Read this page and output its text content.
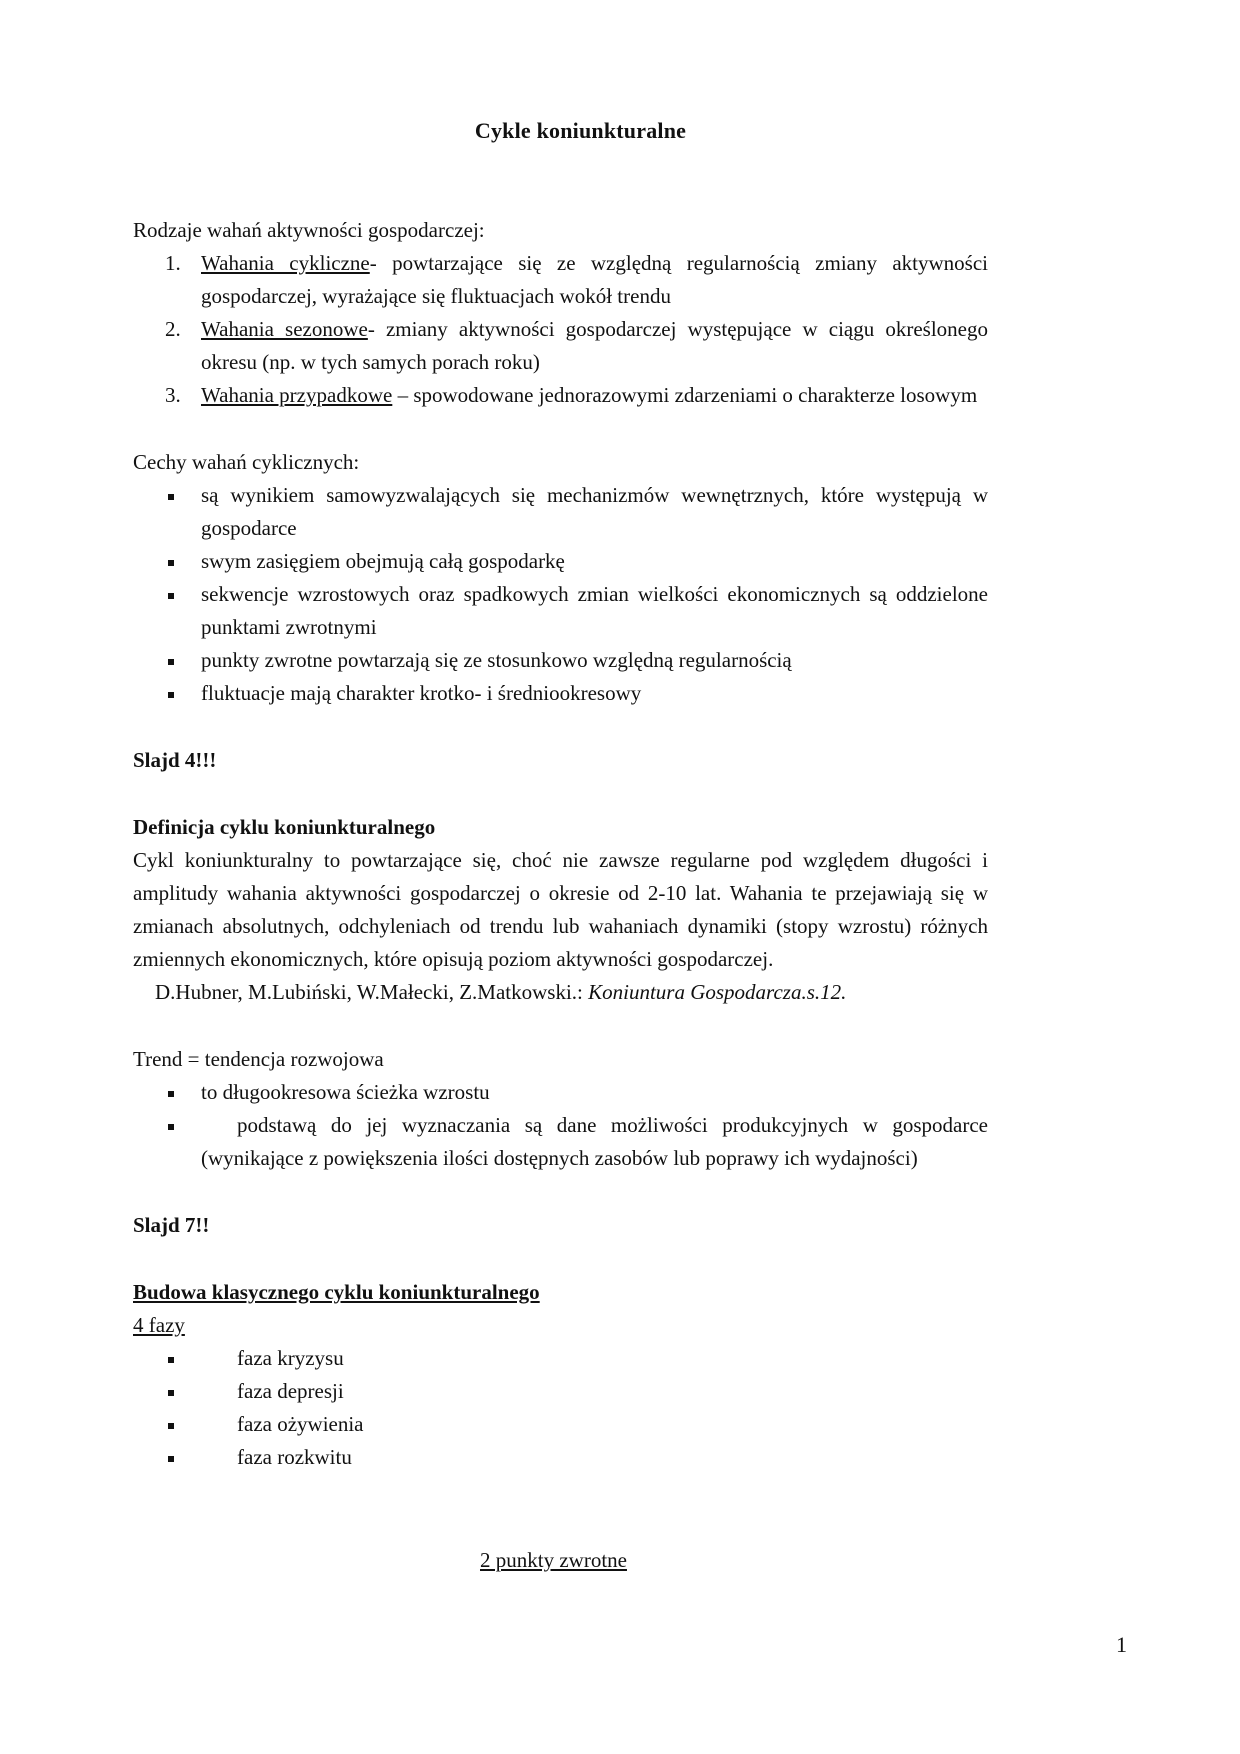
Cykle koniunkturalne

Rodzaje wahań aktywności gospodarczej:

Wahania cykliczne- powtarzające się ze względną regularnością zmiany aktywności gospodarczej, wyrażające się fluktuacjach wokół trendu
Wahania sezonowe- zmiany aktywności gospodarczej występujące w ciągu określonego okresu (np. w tych samych porach roku)
Wahania przypadkowe – spowodowane jednorazowymi zdarzeniami o charakterze losowym

Cechy wahań cyklicznych:

są wynikiem samowyzwalających się mechanizmów wewnętrznych, które występują w gospodarce
swym zasięgiem obejmują całą gospodarkę
sekwencje wzrostowych oraz spadkowych zmian wielkości ekonomicznych są oddzielone punktami zwrotnymi
punkty zwrotne powtarzają się ze stosunkowo względną regularnością
fluktuacje mają charakter krotko- i średniookresowy

Slajd 4!!!

Definicja cyklu koniunkturalnego

Cykl koniunkturalny to powtarzające się, choć nie zawsze regularne pod względem długości i amplitudy wahania aktywności gospodarczej o okresie od 2-10 lat. Wahania te przejawiają się w zmianach absolutnych, odchyleniach od trendu lub wahaniach dynamiki (stopy wzrostu) różnych zmiennych ekonomicznych, które opisują poziom aktywności gospodarczej.

D.Hubner, M.Lubiński, W.Małecki, Z.Matkowski.: Koniuntura Gospodarcza.s.12.

Trend = tendencja rozwojowa

to długookresowa ścieżka wzrostu
podstawą do jej wyznaczania są dane możliwości produkcyjnych w gospodarce (wynikające z powiększenia ilości dostępnych zasobów lub poprawy ich wydajności)

Slajd 7!!

Budowa klasycznego cyklu koniunkturalnego

4 fazy

faza kryzysu
faza depresji
faza ożywienia
faza rozkwitu

2 punkty zwrotne

1
